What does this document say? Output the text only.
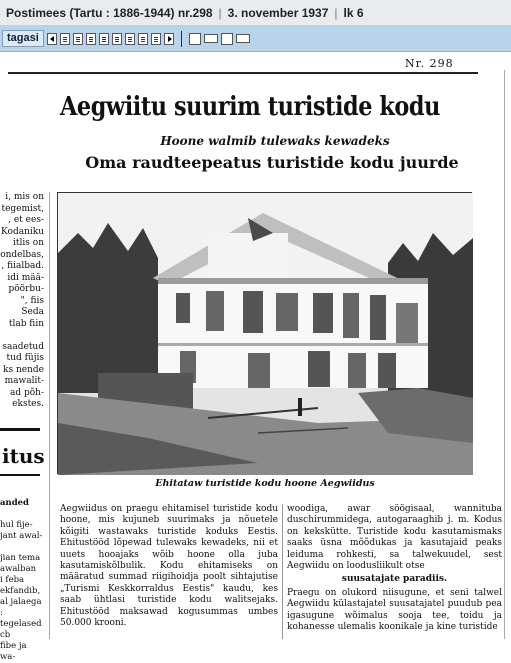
Postimees (Tartu : 1886-1944) nr.298 | 3. november 1937 | lk 6
tagasi
Nr. 298
Aegwiitu suurim turistide kodu
Hoone walmib tulewaks kewadeks
Oma raudteepeatus turistide kodu juurde
i, mis on
tegemist,
, et ees-
Kodaniku
itlis on
ondelbas,
, fiialbad.
idi mää-
pöörbu-
", fiis
Seda
tlab fiin

saadetud
tud füjis
ks nende
mawalit-
ad põh-
ekstes.
itus
anded

hul fije-
jant awal-

jian tema
awalban
i feba
ekfandib,
al jalaega
: tegelased
cb
fibe ja wa-
Ehitataw turistide kodu hoone Aegwiidus
Aegwiidus on praegu ehitamisel turistide kodu hoone, mis kujuneb suurimaks ja nõuetele kõigiti wastawaks turistide koduks Eestis. Ehitustööd lõpewad tulewaks kewadeks, nii et uuets hooajaks wõib hoone olla juba kasutamiskõlbulik. Kodu ehitamiseks on määratud summad riigihoidja poolt sihtajutise „Turismi Keskkorraldus Eestis" kaudu, kes saab ühtlasi turistide kodu walitsejaks. Ehitustööd maksawad kogusummas umbes 50.000 krooni.
woodiga, awar söögisaal, wannituba duschirummidega, autogaraaghib j. m. Kodus on kekskütte. Turistide kodu kasutamismaks saaks üsna mõõdukas ja kasutajaid peaks leiduma rohkesti, sa talwekuudel, sest Aegwiidu on loodusliikult otse
suusatajate paradiis.
Praegu on olukord niisugune, et seni talwel Aegwiidu külastajatel suusatajatel puudub pea igasugune wõimalus sooja tee, toidu ja kohanesse ulemalis koonikale ja kine turistide
